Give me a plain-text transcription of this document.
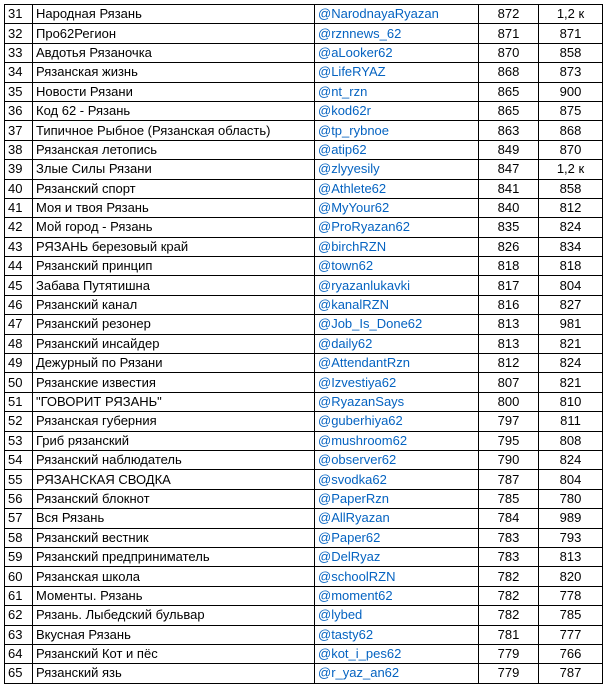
31	Народная Рязань	@NarodnayaRyazan	872	1,2 к
32	Про62Регион	@rznnews_62	871	871
33	Авдотья Рязаночка	@aLooker62	870	858
34	Рязанская жизнь	@LifeRYAZ	868	873
35	Новости Рязани	@nt_rzn	865	900
36	Код 62 - Рязань	@kod62r	865	875
37	Типичное Рыбное (Рязанская область)	@tp_rybnoe	863	868
38	Рязанская летопись	@atip62	849	870
39	Злые Силы Рязани	@zlyyesily	847	1,2 к
40	Рязанский спорт	@Athlete62	841	858
41	Моя и твоя Рязань	@MyYour62	840	812
42	Мой город - Рязань	@ProRyazan62	835	824
43	РЯЗАНЬ березовый край	@birchRZN	826	834
44	Рязанский принцип	@town62	818	818
45	Забава Путятишна	@ryazanlukavki	817	804
46	Рязанский канал	@kanalRZN	816	827
47	Рязанский резонер	@Job_Is_Done62	813	981
48	Рязанский инсайдер	@daily62	813	821
49	Дежурный по Рязани	@AttendantRzn	812	824
50	Рязанские известия	@Izvestiya62	807	821
51	"ГОВОРИТ РЯЗАНЬ"	@RyazanSays	800	810
52	Рязанская губерния	@guberhiya62	797	811
53	Гриб рязанский	@mushroom62	795	808
54	Рязанский наблюдатель	@observer62	790	824
55	РЯЗАНСКАЯ СВОДКА	@svodka62	787	804
56	Рязанский блокнот	@PaperRzn	785	780
57	Вся Рязань	@AllRyazan	784	989
58	Рязанский вестник	@Paper62	783	793
59	Рязанский предприниматель	@DelRyaz	783	813
60	Рязанская школа	@schoolRZN	782	820
61	Моменты. Рязань	@moment62	782	778
62	Рязань. Лыбедский бульвар	@lybed	782	785
63	Вкусная Рязань	@tasty62	781	777
64	Рязанский Кот и пёс	@kot_i_pes62	779	766
65	Рязанский язь	@r_yaz_an62	779	787
